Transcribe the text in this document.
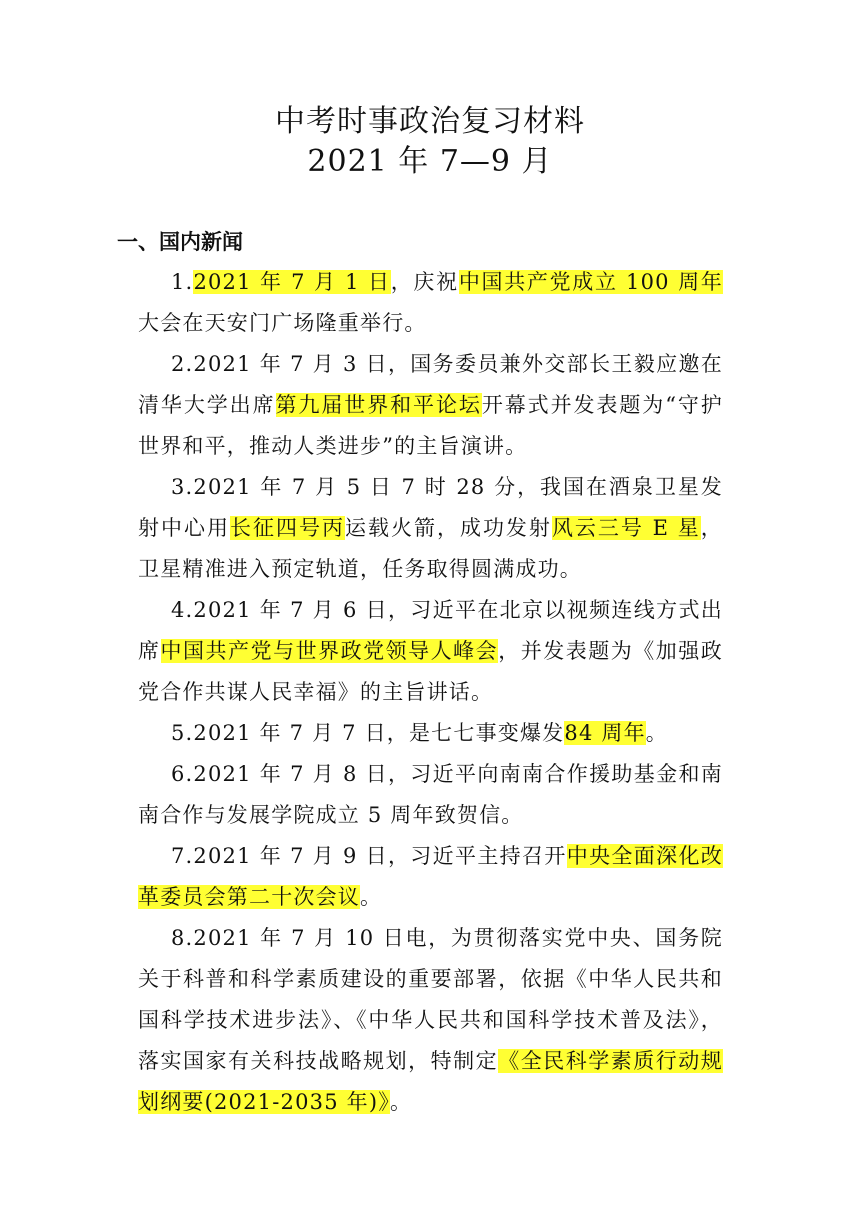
中考时事政治复习材料
2021 年 7—9 月
一、国内新闻

1.2021 年 7 月 1 日，庆祝中国共产党成立 100 周年大会在天安门广场隆重举行。

2.2021 年 7 月 3 日，国务委员兼外交部长王毅应邀在清华大学出席第九届世界和平论坛开幕式并发表题为“守护世界和平，推动人类进步”的主旨演讲。

3.2021 年 7 月 5 日 7 时 28 分，我国在酒泉卫星发射中心用长征四号丙运载火箭，成功发射风云三号 E 星，卫星精准进入预定轨道，任务取得圆满成功。

4.2021 年 7 月 6 日，习近平在北京以视频连线方式出席中国共产党与世界政党领导人峰会，并发表题为《加强政党合作共谋人民幸福》的主旨讲话。

5.2021 年 7 月 7 日，是七七事变爆发84 周年。

6.2021 年 7 月 8 日，习近平向南南合作援助基金和南南合作与发展学院成立 5 周年致贺信。

7.2021 年 7 月 9 日，习近平主持召开中央全面深化改革委员会第二十次会议。

8.2021 年 7 月 10 日电，为贯彻落实党中央、国务院关于科普和科学素质建设的重要部署，依据《中华人民共和国科学技术进步法》、《中华人民共和国科学技术普及法》，落实国家有关科技战略规划，特制定《全民科学素质行动规划纲要(2021-2035 年)》。
